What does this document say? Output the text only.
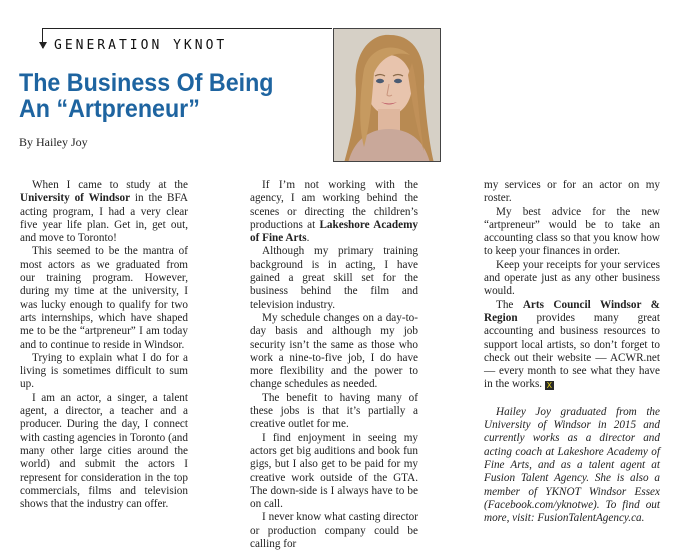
GENERATION YKNOT
The Business Of Being An “Artpreneur”
By Hailey Joy

When I came to study at the University of Windsor in the BFA acting program, I had a very clear five year life plan. Get in, get out, and move to Toronto!

This seemed to be the mantra of most actors as we graduated from our training program. However, during my time at the university, I was lucky enough to qualify for two arts internships, which have shaped me to be the “artpreneur” I am today and to continue to reside in Windsor.

Trying to explain what I do for a living is sometimes difficult to sum up.

I am an actor, a singer, a talent agent, a director, a teacher and a producer. During the day, I connect with casting agencies in Toronto (and many other large cities around the world) and submit the actors I represent for consideration in the top commercials, films and television shows that the industry can offer.

If I’m not working with the agency, I am working behind the scenes or directing the children’s productions at Lakeshore Academy of Fine Arts.

Although my primary training background is in acting, I have gained a great skill set for the business behind the film and television industry.

My schedule changes on a day-to-day basis and although my job security isn’t the same as those who work a nine-to-five job, I do have more flexibility and the power to change schedules as needed.

The benefit to having many of these jobs is that it’s partially a creative outlet for me.

I find enjoyment in seeing my actors get big auditions and book fun gigs, but I also get to be paid for my creative work outside of the GTA. The down-side is I always have to be on call.

I never know what casting director or production company could be calling for

my services or for an actor on my roster.

My best advice for the new “artpreneur” would be to take an accounting class so that you know how to keep your finances in order.

Keep your receipts for your services and operate just as any other business would.

The Arts Council Windsor & Region provides many great accounting and business resources to support local artists, so don’t forget to check out their website — ACWR.net — every month to see what they have in the works. X

Hailey Joy graduated from the University of Windsor in 2015 and currently works as a director and acting coach at Lakeshore Academy of Fine Arts, and as a talent agent at Fusion Talent Agency. She is also a member of YKNOT Windsor Essex (Facebook.com/yknotwe). To find out more, visit: FusionTalentAgency.ca.
